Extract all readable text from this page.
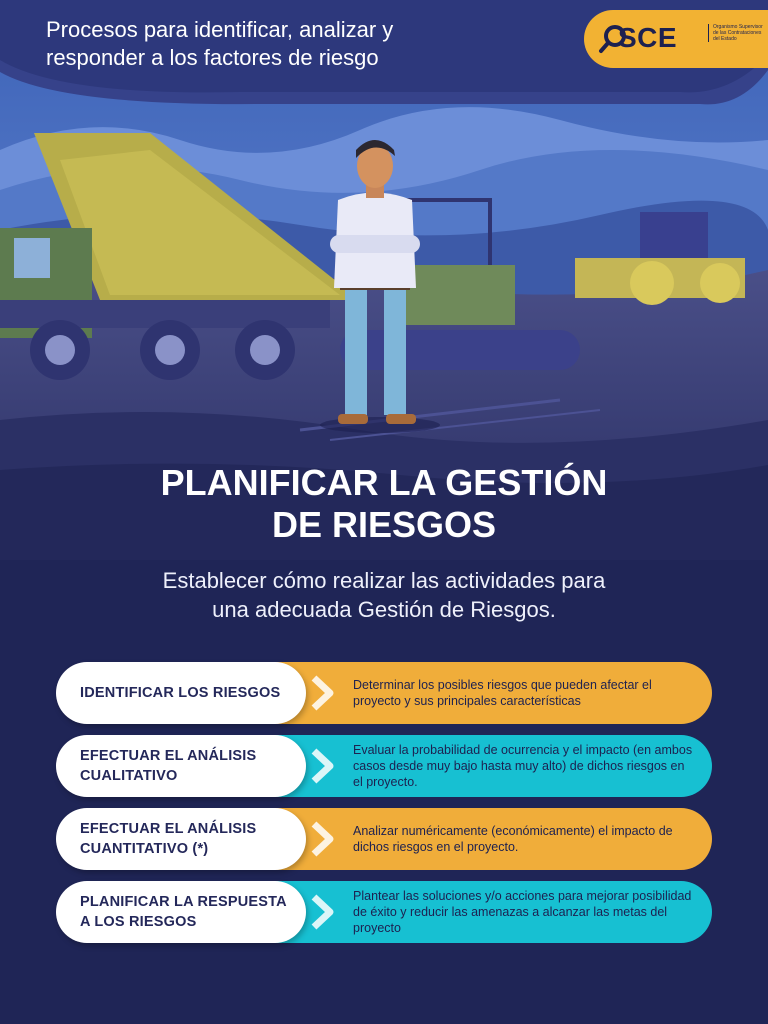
Procesos para identificar, analizar y
responder a los factores de riesgo
SCE	Organismo Supervisor de las Contrataciones del Estado
PLANIFICAR LA GESTIÓN
DE RIESGOS
Establecer cómo realizar las actividades para
una adecuada Gestión de Riesgos.
IDENTIFICAR LOS RIESGOS	Determinar los posibles riesgos que pueden afectar el proyecto y sus principales características
EFECTUAR EL ANÁLISIS CUALITATIVO
Evaluar la probabilidad de ocurrencia y el impacto (en ambos casos desde muy bajo hasta muy alto) de dichos riesgos en el proyecto.
EFECTUAR EL ANÁLISIS CUANTITATIVO (*)
Analizar numéricamente (económicamente) el impacto de dichos riesgos en el proyecto.
PLANIFICAR LA RESPUESTA A LOS RIESGOS
Plantear las soluciones y/o acciones para mejorar posibilidad de éxito y reducir las amenazas a alcanzar las metas del proyecto
